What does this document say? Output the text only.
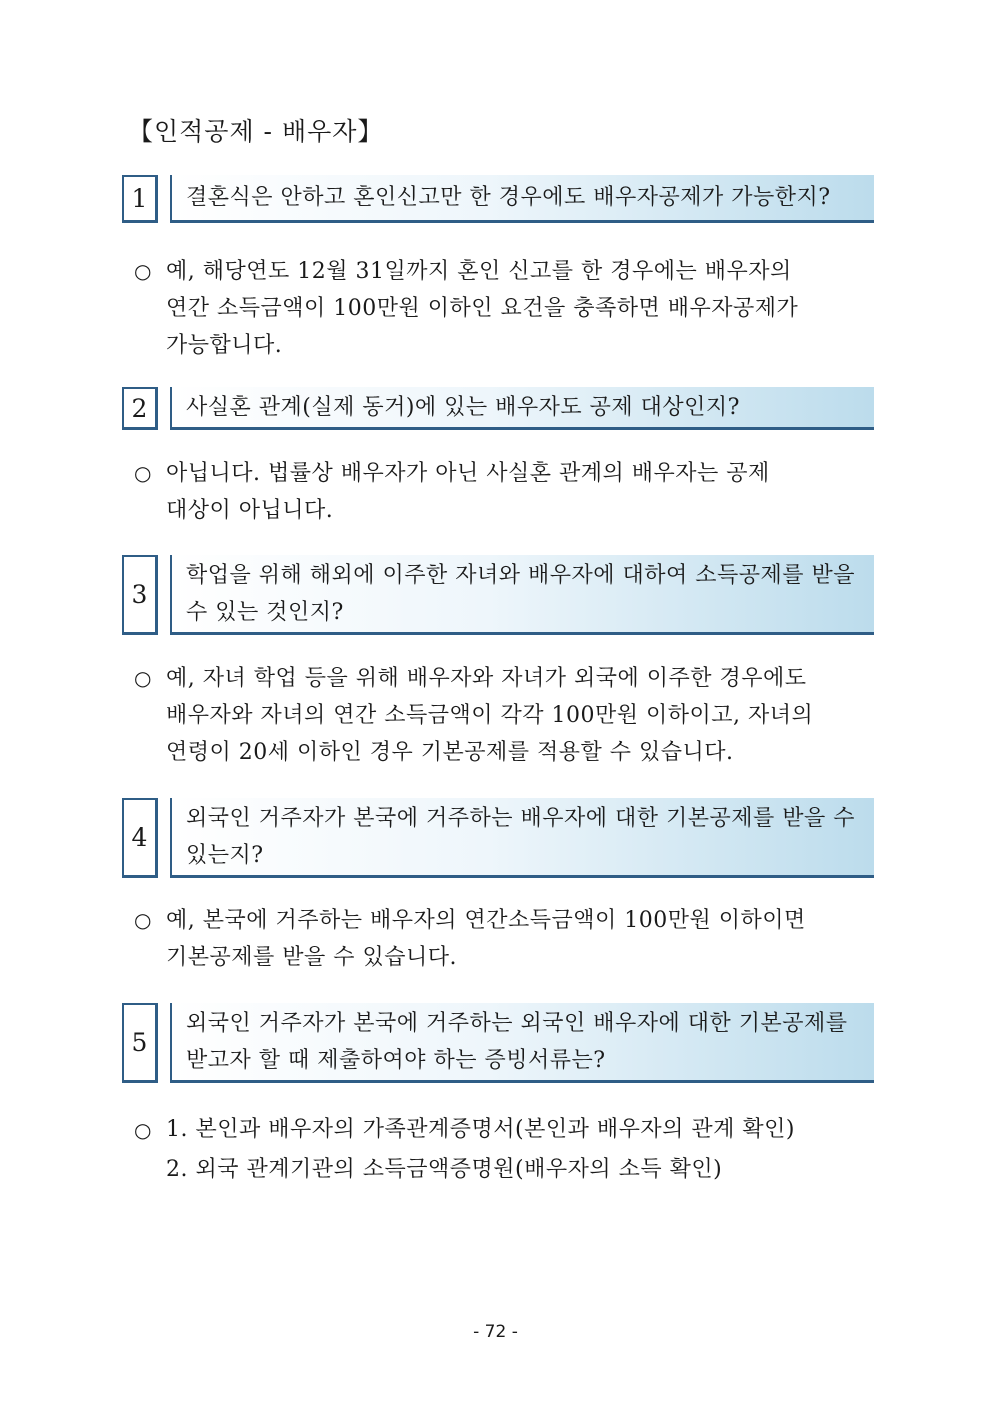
【인적공제 - 배우자】
1	결혼식은 안하고 혼인신고만 한 경우에도 배우자공제가 가능한지?
○ 예, 해당연도 12월 31일까지 혼인 신고를 한 경우에는 배우자의
연간 소득금액이 100만원 이하인 요건을 충족하면 배우자공제가
가능합니다.
2	사실혼 관계(실제 동거)에 있는 배우자도 공제 대상인지?
○ 아닙니다. 법률상 배우자가 아닌 사실혼 관계의 배우자는 공제
대상이 아닙니다.
3
학업을 위해 해외에 이주한 자녀와 배우자에 대하여 소득공제를 받을 수 있는 것인지?
○ 예, 자녀 학업 등을 위해 배우자와 자녀가 외국에 이주한 경우에도
배우자와 자녀의 연간 소득금액이 각각 100만원 이하이고, 자녀의
연령이 20세 이하인 경우 기본공제를 적용할 수 있습니다.
4
외국인 거주자가 본국에 거주하는 배우자에 대한 기본공제를 받을 수 있는지?
○ 예, 본국에 거주하는 배우자의 연간소득금액이 100만원 이하이면
기본공제를 받을 수 있습니다.
5
외국인 거주자가 본국에 거주하는 외국인 배우자에 대한 기본공제를 받고자 할 때 제출하여야 하는 증빙서류는?
○ 1. 본인과 배우자의 가족관계증명서(본인과 배우자의 관계 확인)
2. 외국 관계기관의 소득금액증명원(배우자의 소득 확인)
- 72 -
